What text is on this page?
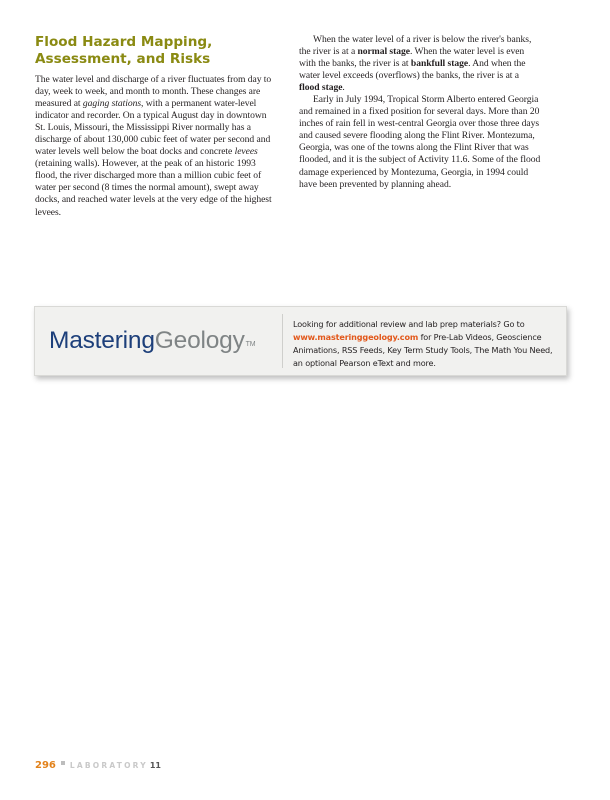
Flood Hazard Mapping,
Assessment, and Risks

The water level and discharge of a river fluctuates from day to day, week to week, and month to month. These changes are measured at gaging stations, with a permanent water-level indicator and recorder. On a typical August day in downtown St. Louis, Missouri, the Mississippi River normally has a discharge of about 130,000 cubic feet of water per second and water levels well below the boat docks and concrete levees (retaining walls). However, at the peak of an historic 1993 flood, the river discharged more than a million cubic feet of water per second (8 times the normal amount), swept away docks, and reached water levels at the very edge of the highest levees.

When the water level of a river is below the river's banks, the river is at a normal stage. When the water level is even with the banks, the river is at bankfull stage. And when the water level exceeds (overflows) the banks, the river is at a flood stage.

Early in July 1994, Tropical Storm Alberto entered Georgia and remained in a fixed position for several days. More than 20 inches of rain fell in west-central Georgia over those three days and caused severe flooding along the Flint River. Montezuma, Georgia, was one of the towns along the Flint River that was flooded, and it is the subject of Activity 11.6. Some of the flood damage experienced by Montezuma, Georgia, in 1994 could have been prevented by planning ahead.

MasteringGeology™
Looking for additional review and lab prep materials? Go to www.masteringgeology.com for Pre-Lab Videos, Geoscience Animations, RSS Feeds, Key Term Study Tools, The Math You Need, an optional Pearson eText and more.
296 LABORATORY 11
